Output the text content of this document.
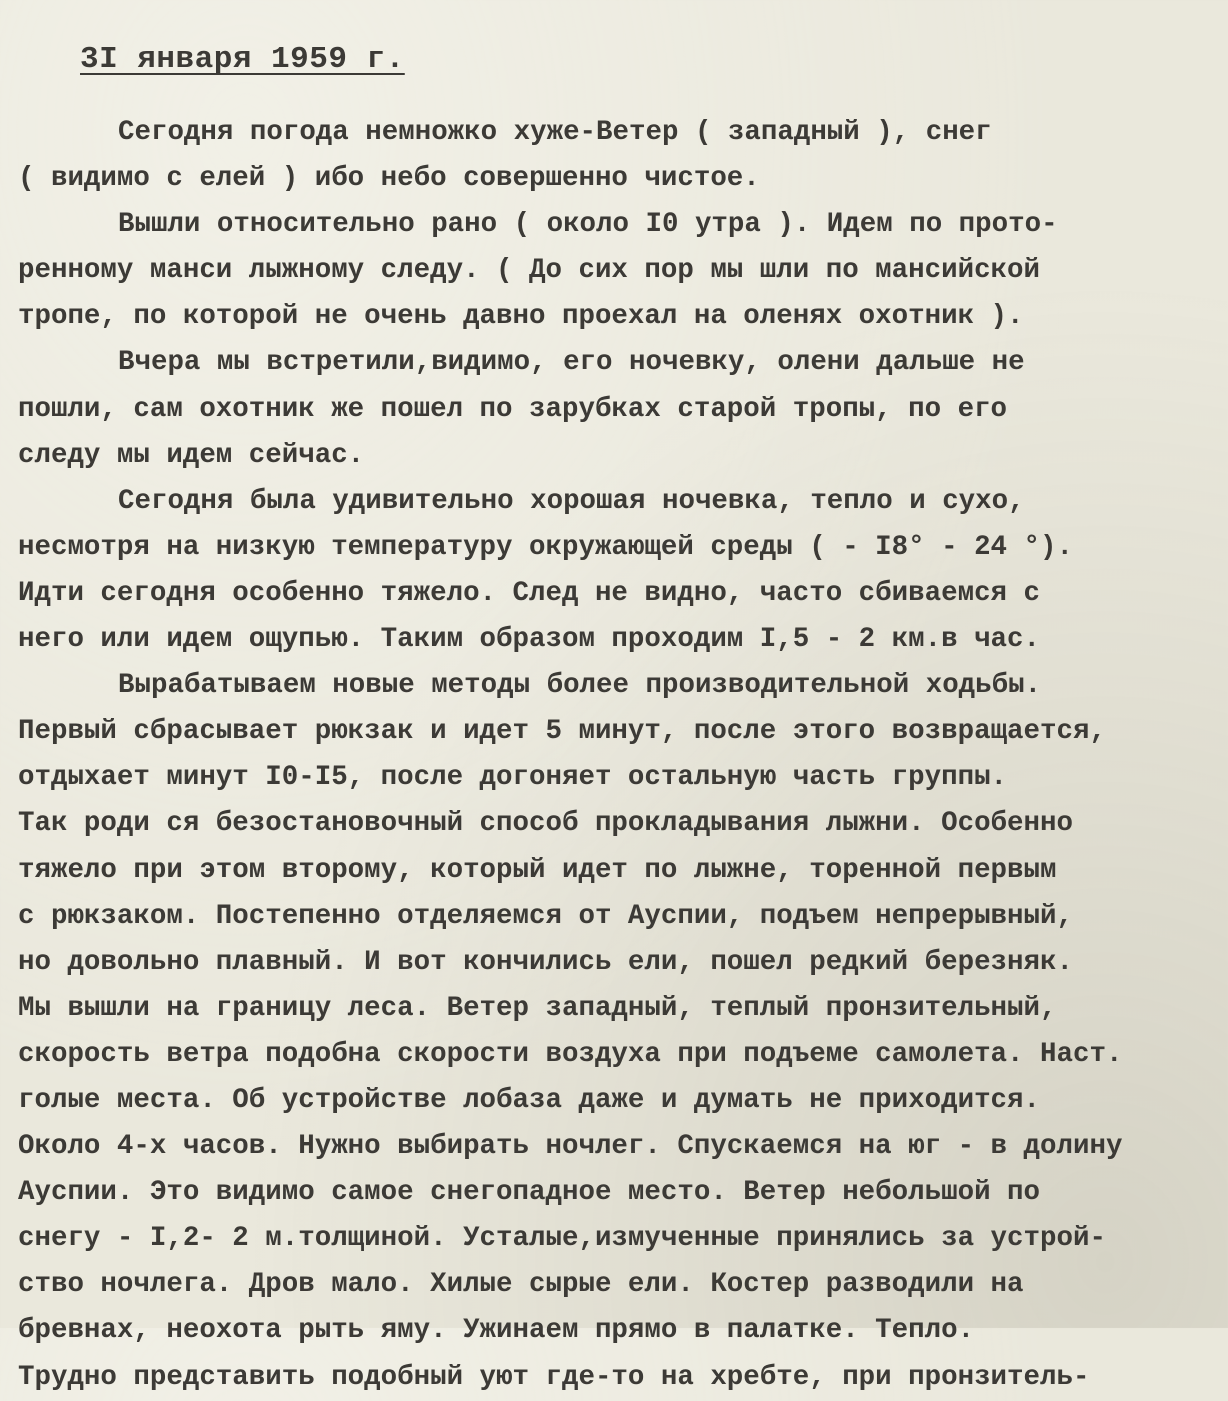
3I января 1959 г.
Сегодня погода немножко хуже-Ветер ( западный ), снег
( видимо с елей ) ибо небо совершенно чистое.
Вышли относительно рано ( около I0 утра ). Идем по прото-
ренному манси лыжному следу. ( До сих пор мы шли по мансийской
тропе, по которой не очень давно проехал на оленях охотник ).
Вчера мы встретили,видимо, его ночевку, олени дальше не
пошли, сам охотник же пошел по зарубках старой тропы, по его
следу мы идем сейчас.
Сегодня была удивительно хорошая ночевка, тепло и сухо,
несмотря на низкую температуру окружающей среды ( - I8° - 24 °).
Идти сегодня особенно тяжело. След не видно, часто сбиваемся с
него или идем ощупью. Таким образом проходим I,5 - 2 км.в час.
Вырабатываем новые методы более производительной ходьбы.
Первый сбрасывает рюкзак и идет 5 минут, после этого возвращается,
отдыхает минут I0-I5, после догоняет остальную часть группы.
Так роди ся безостановочный способ прокладывания лыжни. Особенно
тяжело при этом второму, который идет по лыжне, торенной первым
с рюкзаком. Постепенно отделяемся от Ауспии, подъем непрерывный,
но довольно плавный. И вот кончились ели, пошел редкий березняк.
Мы вышли на границу леса. Ветер западный, теплый пронзительный,
скорость ветра подобна скорости воздуха при подъеме самолета. Наст.
голые места. Об устройстве лобаза даже и думать не приходится.
Около 4-х часов. Нужно выбирать ночлег. Спускаемся на юг - в долину
Ауспии. Это видимо самое снегопадное место. Ветер небольшой по
снегу - I,2- 2 м.толщиной. Усталые,измученные принялись за устрой-
ство ночлега. Дров мало. Хилые сырые ели. Костер разводили на
бревнах, неохота рыть яму. Ужинаем прямо в палатке. Тепло.
Трудно представить подобный уют где-то на хребте, при пронзитель-
